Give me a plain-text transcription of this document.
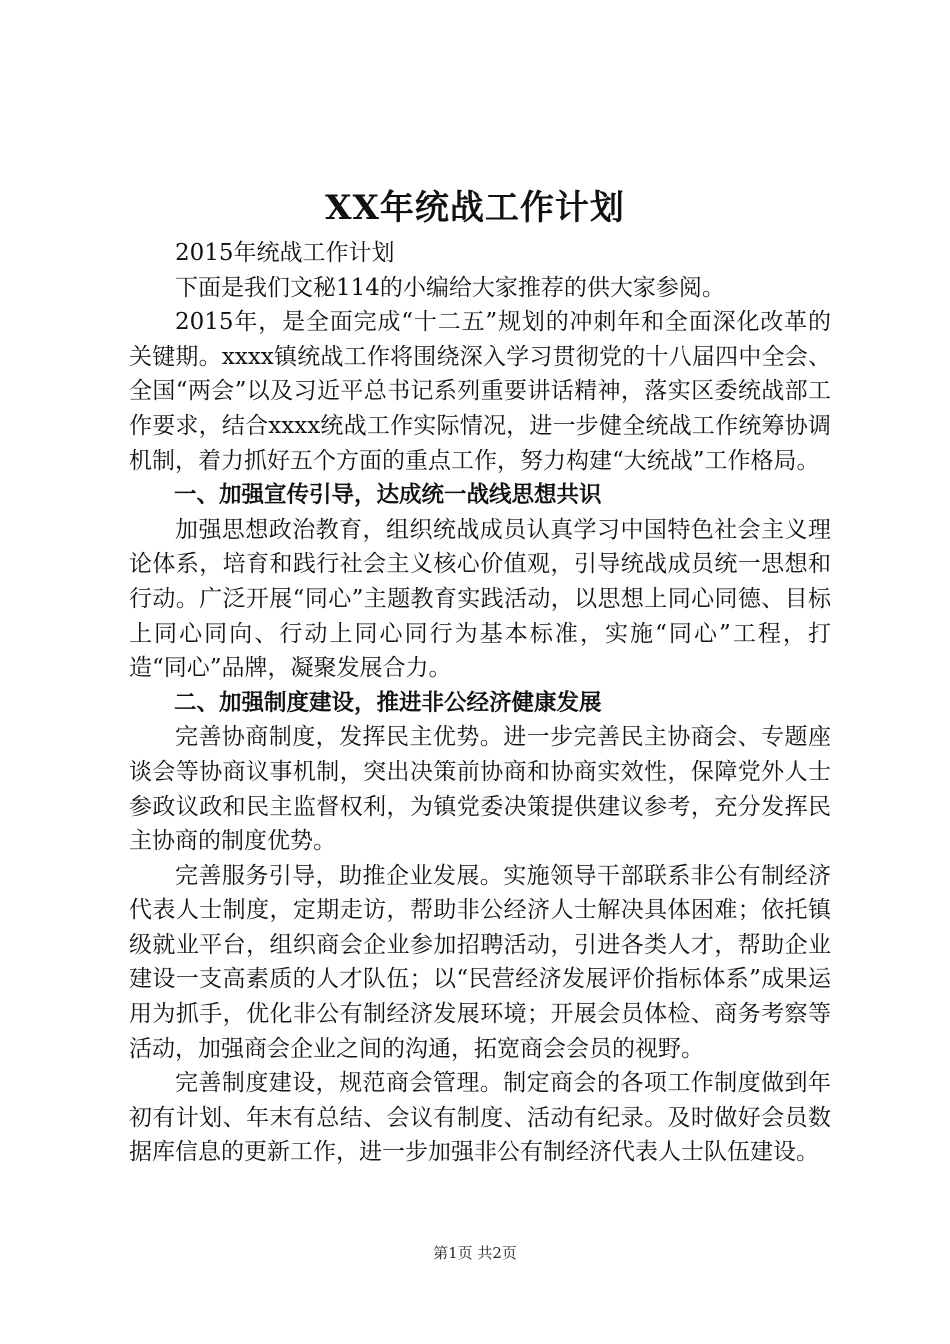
XX年统战工作计划

2015年统战工作计划

下面是我们文秘114的小编给大家推荐的供大家参阅。

2015年，是全面完成“十二五”规划的冲刺年和全面深化改革的关键期。xxxx镇统战工作将围绕深入学习贯彻党的十八届四中全会、全国“两会”以及习近平总书记系列重要讲话精神，落实区委统战部工作要求，结合xxxx统战工作实际情况，进一步健全统战工作统筹协调机制，着力抓好五个方面的重点工作，努力构建“大统战”工作格局。

一、加强宣传引导，达成统一战线思想共识

加强思想政治教育，组织统战成员认真学习中国特色社会主义理论体系，培育和践行社会主义核心价值观，引导统战成员统一思想和行动。广泛开展“同心”主题教育实践活动，以思想上同心同德、目标上同心同向、行动上同心同行为基本标准，实施“同心”工程，打造“同心”品牌，凝聚发展合力。

二、加强制度建设，推进非公经济健康发展

完善协商制度，发挥民主优势。进一步完善民主协商会、专题座谈会等协商议事机制，突出决策前协商和协商实效性，保障党外人士参政议政和民主监督权利，为镇党委决策提供建议参考，充分发挥民主协商的制度优势。

完善服务引导，助推企业发展。实施领导干部联系非公有制经济代表人士制度，定期走访，帮助非公经济人士解决具体困难；依托镇级就业平台，组织商会企业参加招聘活动，引进各类人才，帮助企业建设一支高素质的人才队伍；以“民营经济发展评价指标体系”成果运用为抓手，优化非公有制经济发展环境；开展会员体检、商务考察等活动，加强商会企业之间的沟通，拓宽商会会员的视野。

完善制度建设，规范商会管理。制定商会的各项工作制度做到年初有计划、年末有总结、会议有制度、活动有纪录。及时做好会员数据库信息的更新工作，进一步加强非公有制经济代表人士队伍建设。

第1页 共2页
